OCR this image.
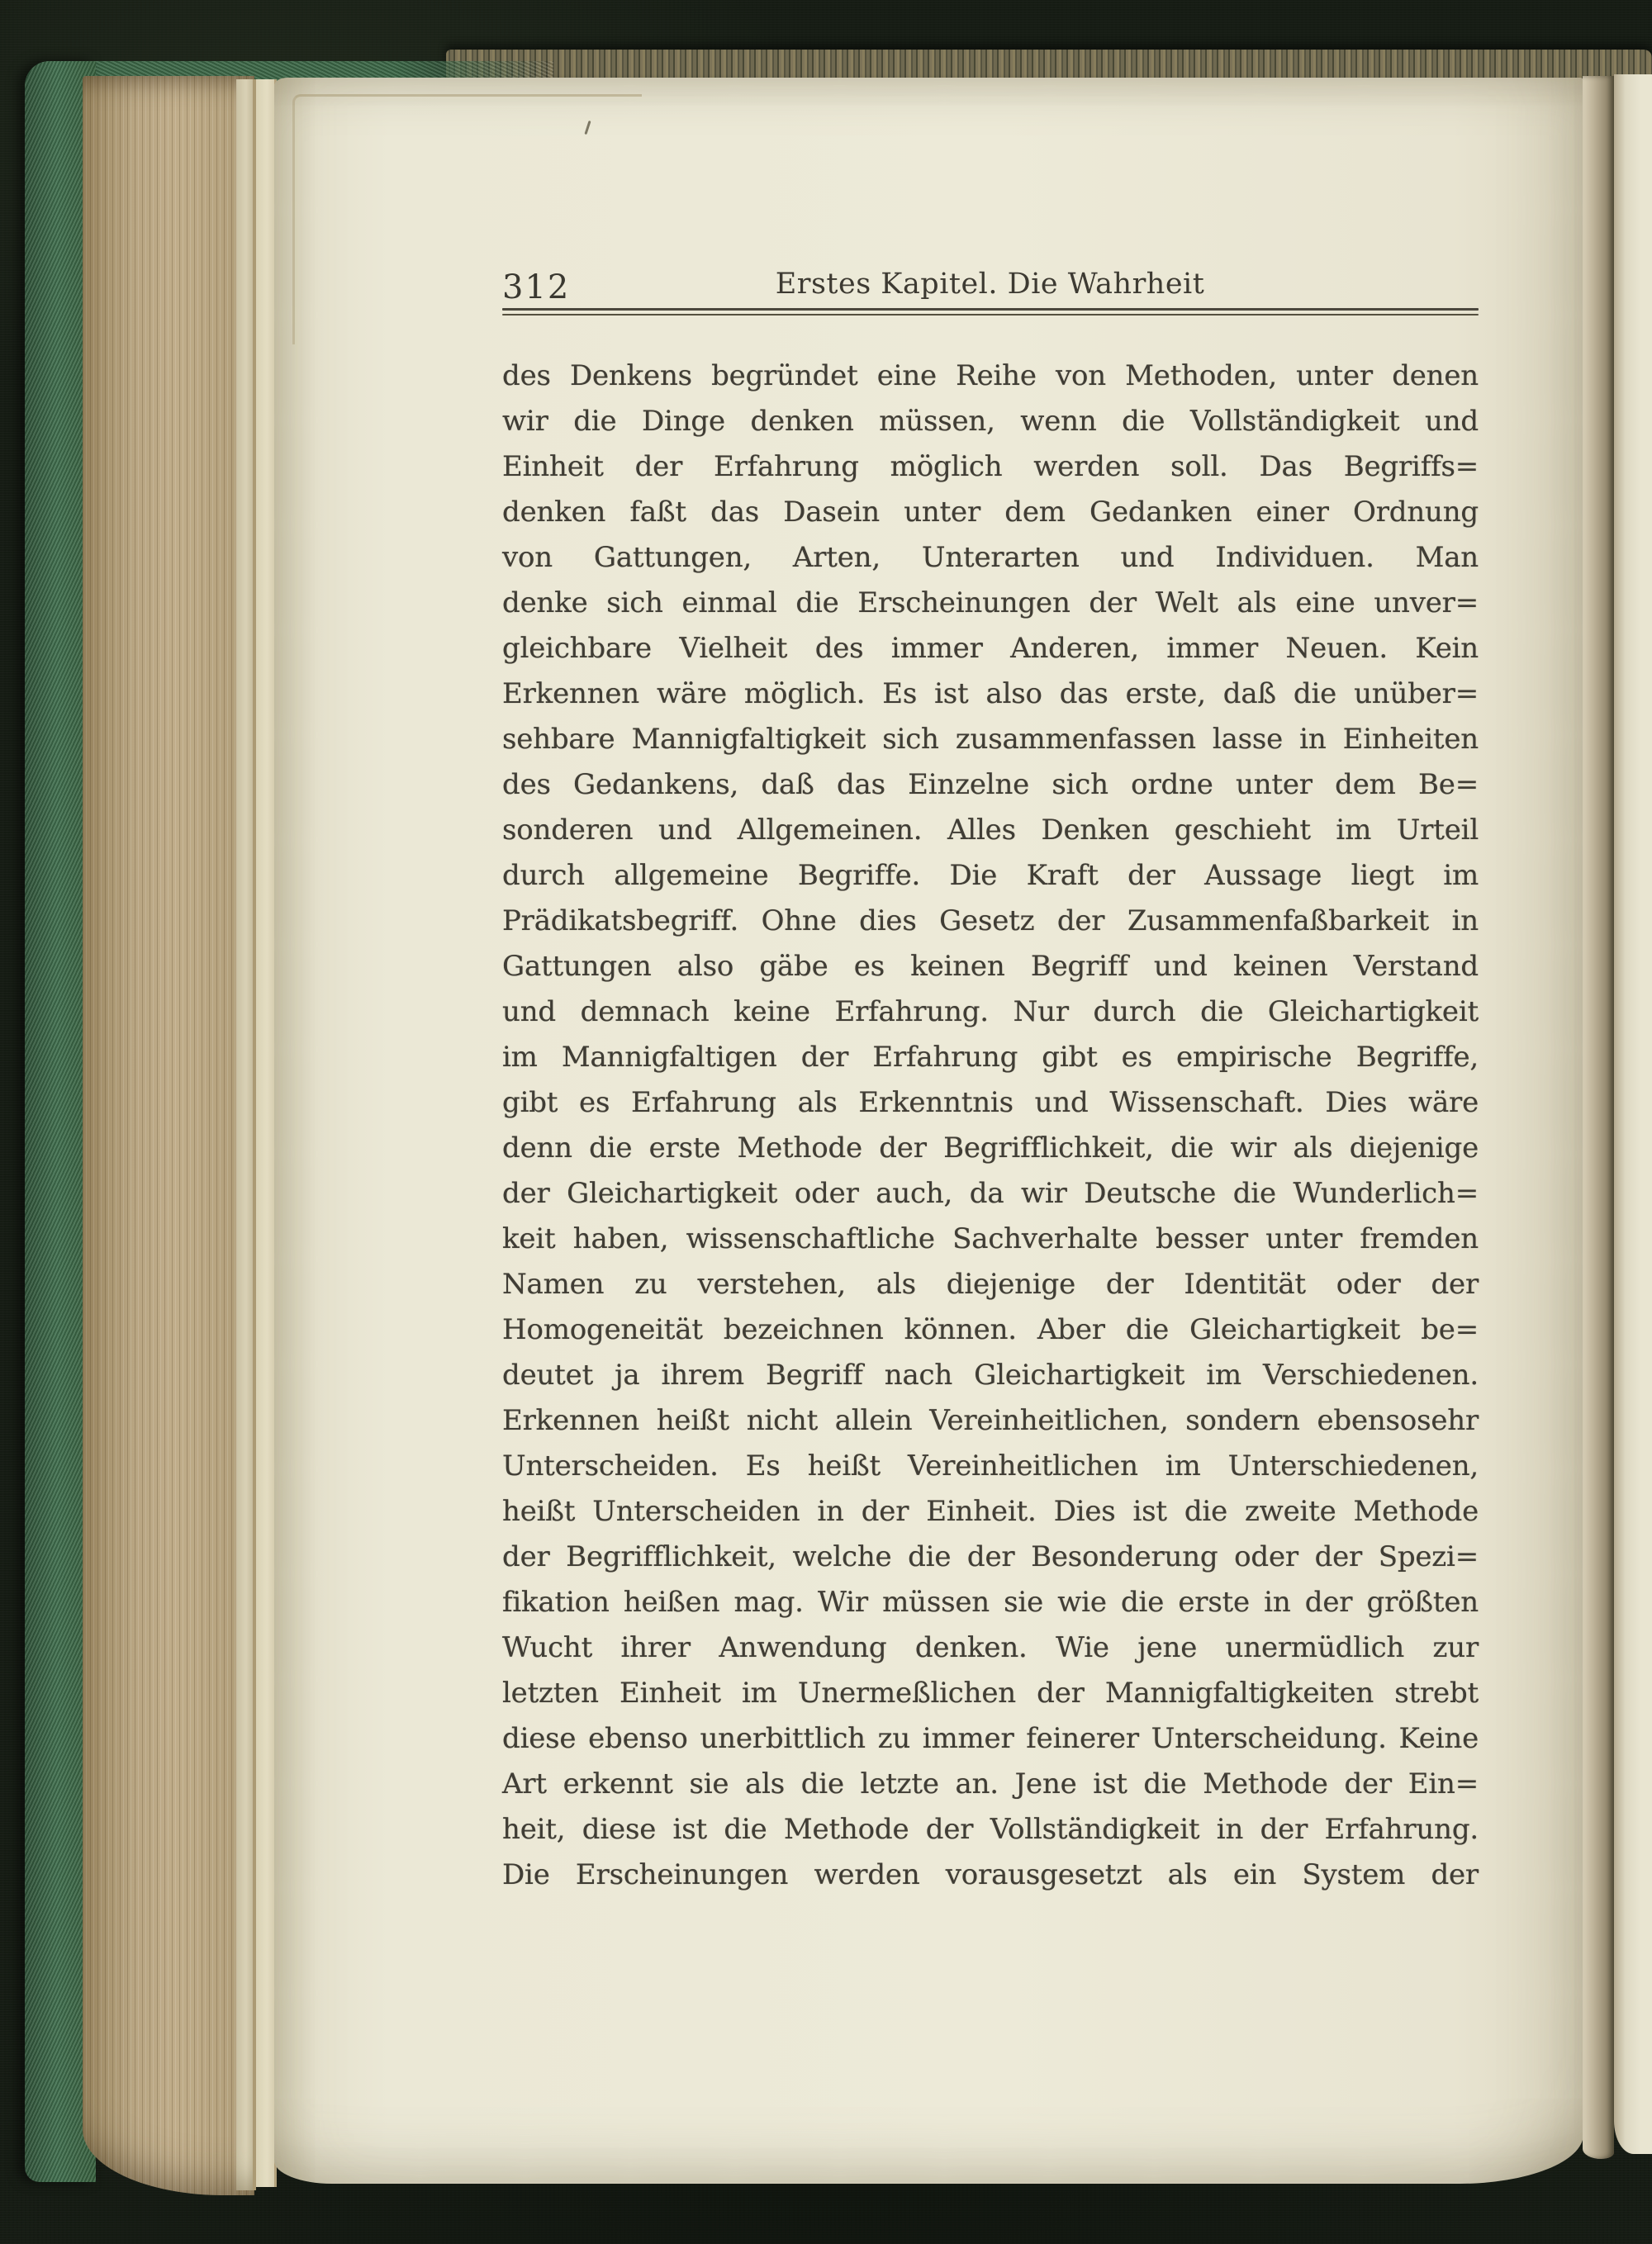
312	Erstes Kapitel. Die Wahrheit
des Denkens begründet eine Reihe von Methoden, unter denen
wir die Dinge denken müssen, wenn die Vollständigkeit und
Einheit der Erfahrung möglich werden soll. Das Begriffs=
denken faßt das Dasein unter dem Gedanken einer Ordnung
von Gattungen, Arten, Unterarten und Individuen. Man
denke sich einmal die Erscheinungen der Welt als eine unver=
gleichbare Vielheit des immer Anderen, immer Neuen. Kein
Erkennen wäre möglich. Es ist also das erste, daß die unüber=
sehbare Mannigfaltigkeit sich zusammenfassen lasse in Einheiten
des Gedankens, daß das Einzelne sich ordne unter dem Be=
sonderen und Allgemeinen. Alles Denken geschieht im Urteil
durch allgemeine Begriffe. Die Kraft der Aussage liegt im
Prädikatsbegriff. Ohne dies Gesetz der Zusammenfaßbarkeit in
Gattungen also gäbe es keinen Begriff und keinen Verstand
und demnach keine Erfahrung. Nur durch die Gleichartigkeit
im Mannigfaltigen der Erfahrung gibt es empirische Begriffe,
gibt es Erfahrung als Erkenntnis und Wissenschaft. Dies wäre
denn die erste Methode der Begrifflichkeit, die wir als diejenige
der Gleichartigkeit oder auch, da wir Deutsche die Wunderlich=
keit haben, wissenschaftliche Sachverhalte besser unter fremden
Namen zu verstehen, als diejenige der Identität oder der
Homogeneität bezeichnen können. Aber die Gleichartigkeit be=
deutet ja ihrem Begriff nach Gleichartigkeit im Verschiedenen.
Erkennen heißt nicht allein Vereinheitlichen, sondern ebensosehr
Unterscheiden. Es heißt Vereinheitlichen im Unterschiedenen,
heißt Unterscheiden in der Einheit. Dies ist die zweite Methode
der Begrifflichkeit, welche die der Besonderung oder der Spezi=
fikation heißen mag. Wir müssen sie wie die erste in der größten
Wucht ihrer Anwendung denken. Wie jene unermüdlich zur
letzten Einheit im Unermeßlichen der Mannigfaltigkeiten strebt
diese ebenso unerbittlich zu immer feinerer Unterscheidung. Keine
Art erkennt sie als die letzte an. Jene ist die Methode der Ein=
heit, diese ist die Methode der Vollständigkeit in der Erfahrung.
Die Erscheinungen werden vorausgesetzt als ein System der
